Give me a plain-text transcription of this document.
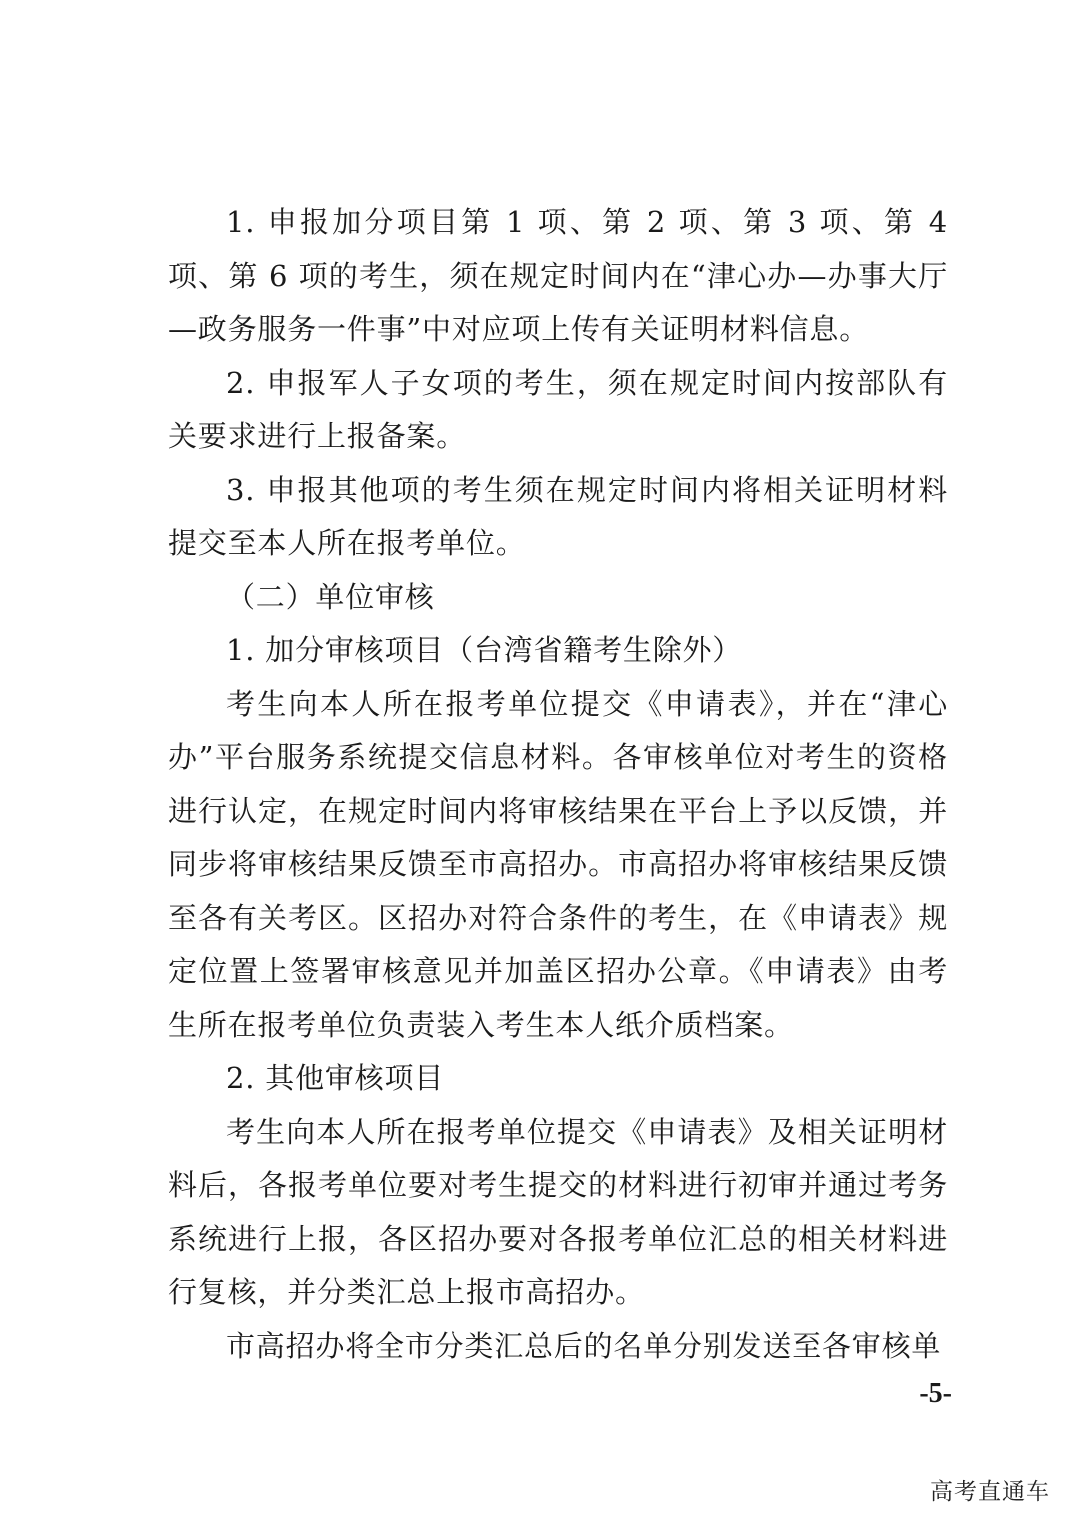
1. 申报加分项目第 1 项、第 2 项、第 3 项、第 4 项、第 6 项的考生，须在规定时间内在“津心办—办事大厅—政务服务一件事”中对应项上传有关证明材料信息。

2. 申报军人子女项的考生，须在规定时间内按部队有关要求进行上报备案。

3. 申报其他项的考生须在规定时间内将相关证明材料提交至本人所在报考单位。

（二）单位审核

1. 加分审核项目（台湾省籍考生除外）

考生向本人所在报考单位提交《申请表》，并在“津心办”平台服务系统提交信息材料。各审核单位对考生的资格进行认定，在规定时间内将审核结果在平台上予以反馈，并同步将审核结果反馈至市高招办。市高招办将审核结果反馈至各有关考区。区招办对符合条件的考生，在《申请表》规定位置上签署审核意见并加盖区招办公章。《申请表》由考生所在报考单位负责装入考生本人纸介质档案。

2. 其他审核项目

考生向本人所在报考单位提交《申请表》及相关证明材料后，各报考单位要对考生提交的材料进行初审并通过考务系统进行上报，各区招办要对各报考单位汇总的相关材料进行复核，并分类汇总上报市高招办。

市高招办将全市分类汇总后的名单分别发送至各审核单

-5-
高考直通车
